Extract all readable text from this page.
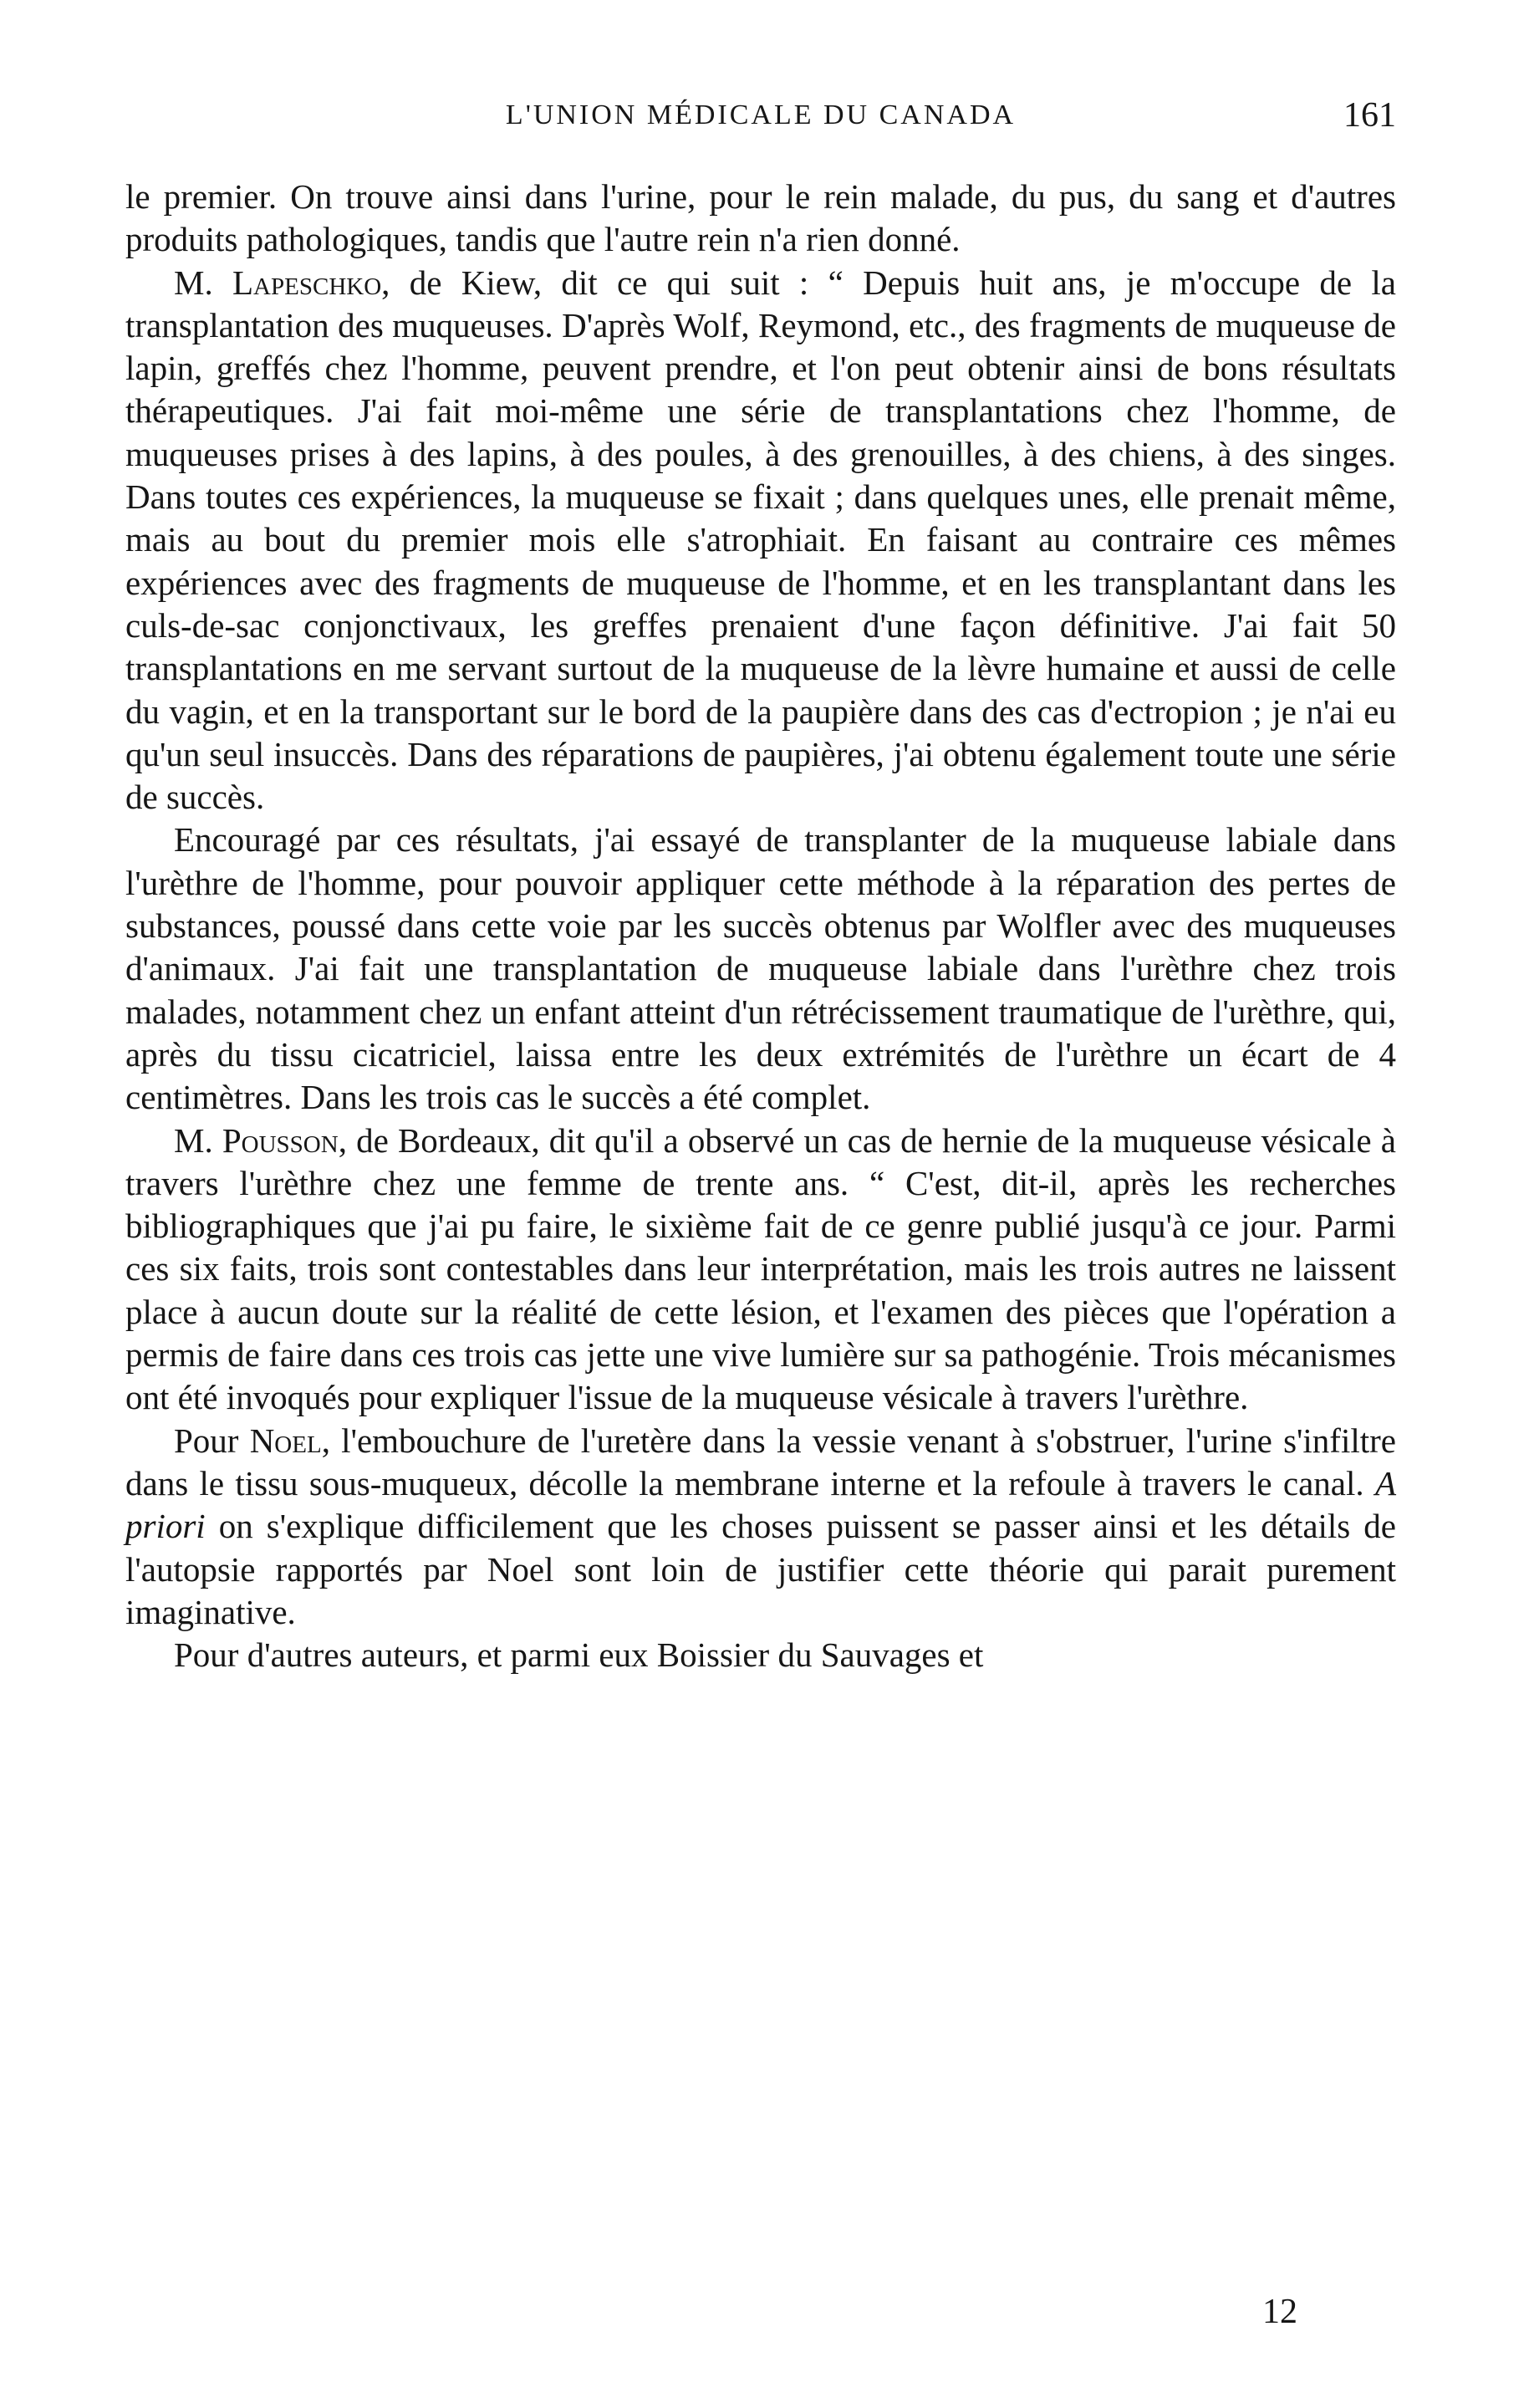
L'UNION MÉDICALE DU CANADA	161

le premier. On trouve ainsi dans l'urine, pour le rein malade, du pus, du sang et d'autres produits pathologiques, tandis que l'autre rein n'a rien donné.

M. Lapeschko, de Kiew, dit ce qui suit : “ Depuis huit ans, je m'occupe de la transplantation des muqueuses. D'après Wolf, Reymond, etc., des fragments de muqueuse de lapin, greffés chez l'homme, peuvent prendre, et l'on peut obtenir ainsi de bons résultats thérapeutiques. J'ai fait moi-même une série de transplantations chez l'homme, de muqueuses prises à des lapins, à des poules, à des grenouilles, à des chiens, à des singes. Dans toutes ces expériences, la muqueuse se fixait ; dans quelques unes, elle prenait même, mais au bout du premier mois elle s'atrophiait. En faisant au contraire ces mêmes expériences avec des fragments de muqueuse de l'homme, et en les transplantant dans les culs-de-sac conjonctivaux, les greffes prenaient d'une façon définitive. J'ai fait 50 transplantations en me servant surtout de la muqueuse de la lèvre humaine et aussi de celle du vagin, et en la transportant sur le bord de la paupière dans des cas d'ectropion ; je n'ai eu qu'un seul insuccès. Dans des réparations de paupières, j'ai obtenu également toute une série de succès.

Encouragé par ces résultats, j'ai essayé de transplanter de la muqueuse labiale dans l'urèthre de l'homme, pour pouvoir appliquer cette méthode à la réparation des pertes de substances, poussé dans cette voie par les succès obtenus par Wolfler avec des muqueuses d'animaux. J'ai fait une transplantation de muqueuse labiale dans l'urèthre chez trois malades, notamment chez un enfant atteint d'un rétrécissement traumatique de l'urèthre, qui, après du tissu cicatriciel, laissa entre les deux extrémités de l'urèthre un écart de 4 centimètres. Dans les trois cas le succès a été complet.

M. Pousson, de Bordeaux, dit qu'il a observé un cas de hernie de la muqueuse vésicale à travers l'urèthre chez une femme de trente ans. “ C'est, dit-il, après les recherches bibliographiques que j'ai pu faire, le sixième fait de ce genre publié jusqu'à ce jour. Parmi ces six faits, trois sont contestables dans leur interprétation, mais les trois autres ne laissent place à aucun doute sur la réalité de cette lésion, et l'examen des pièces que l'opération a permis de faire dans ces trois cas jette une vive lumière sur sa pathogénie. Trois mécanismes ont été invoqués pour expliquer l'issue de la muqueuse vésicale à travers l'urèthre.

Pour Noel, l'embouchure de l'uretère dans la vessie venant à s'obstruer, l'urine s'infiltre dans le tissu sous-muqueux, décolle la membrane interne et la refoule à travers le canal. A priori on s'explique difficilement que les choses puissent se passer ainsi et les détails de l'autopsie rapportés par Noel sont loin de justifier cette théorie qui parait purement imaginative.

Pour d'autres auteurs, et parmi eux Boissier du Sauvages et

12
